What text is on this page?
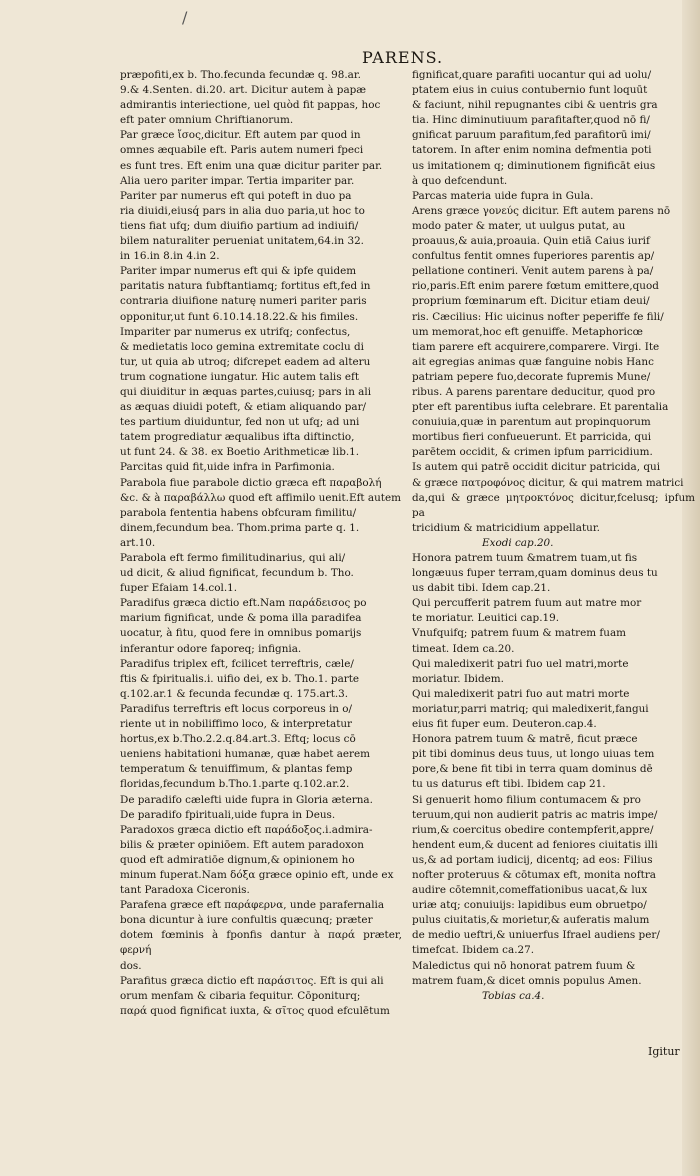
/
PARENS.
præpofiti,ex b. Tho.fecunda fecundæ q. 98.ar.
9.& 4.Senten. di.20. art. Dicitur autem à papæ
admirantis interiectione, uel quòd fit pappas, hoc
eft pater omnium Chriftianorum.
Par græce ἴσος,dicitur. Eft autem par quod in
omnes æquabile eft. Paris autem numeri fpeci
es funt tres. Eft enim una quæ dicitur pariter par.
Alia uero pariter impar. Tertia impariter par.
Pariter par numerus eft qui poteft in duo pa
ria diuidi,eiusq́ pars in alia duo paria,ut hoc to
tiens fiat ufq; dum diuifio partium ad indiuifi/
bilem naturaliter perueniat unitatem,64.in 32.
in 16.in 8.in 4.in 2.
Pariter impar numerus eft qui & ipfe quidem
paritatis natura fubftantiamq; fortitus eft,fed in
contraria diuifione naturę numeri pariter paris
opponitur,ut funt 6.10.14.18.22.& his fimiles.
Impariter par numerus ex utrifq; confectus,
& medietatis loco gemina extremitate coclu di
tur, ut quia ab utroq; difcrepet eadem ad alteru
trum cognatione iungatur. Hic autem talis eft
qui diuiditur in æquas partes,cuiusq; pars in ali
as æquas diuidi poteft, & etiam aliquando par/
tes partium diuiduntur, fed non ut ufq; ad uni
tatem progrediatur æqualibus ifta diftinctio,
ut funt 24. & 38. ex Boetio Arithmeticæ lib.1.
Parcitas quid fit,uide infra in Parfimonia.
Parabola fiue parabole dictio græca eft παραβολή
&c. & à παραβάλλω quod eft affimilo uenit.Eft autem
parabola fententia habens obfcuram fimilitu/
dinem,fecundum bea. Thom.prima parte q. 1.
art.10.
Parabola eft fermo fimilitudinarius, qui ali/
ud dicit, & aliud fignificat, fecundum b. Tho.
fuper Efaiam 14.col.1.
Paradifus græca dictio eft.Nam παράδεισος po
marium fignificat, unde & poma illa paradifea
uocatur, à fitu, quod fere in omnibus pomarijs
inferantur odore faporeq; infignia.
Paradifus triplex eft, fcilicet terreftris, cæle/
ftis & fpiritualis.i. uifio dei, ex b. Tho.1. parte
q.102.ar.1 & fecunda fecundæ q. 175.art.3.
Paradifus terreftris eft locus corporeus in o/
riente ut in nobiliffimo loco, & interpretatur
hortus,ex b.Tho.2.2.q.84.art.3. Eftq; locus cō
ueniens habitationi humanæ, quæ habet aerem
temperatum & tenuiffimum, & plantas femp
floridas,fecundum b.Tho.1.parte q.102.ar.2.
De paradifo cælefti uide fupra in Gloria æterna.
De paradifo fpirituali,uide fupra in Deus.
Paradoxos græca dictio eft παράδοξος.i.admira-
bilis & præter opiniōem. Eft autem paradoxon
quod eft admiratiōe dignum,& opinionem ho
minum fuperat.Nam δόξα græce opinio eft, unde ex
tant Paradoxa Ciceronis.
Parafena græce eft παράφερνα, unde parafernalia
bona dicuntur à iure confultis quæcunq; præter
dotem fœminis à fponfis dantur à παρά præter, φερνή
dos.
Parafitus græca dictio eft παράσιτος. Eft is qui ali
orum menfam & cibaria fequitur. Cōponiturq;
παρά quod fignificat iuxta, & σῖτος quod efculētum
fignificat,quare parafiti uocantur qui ad uolu/
ptatem eius in cuius contubernio funt loquūt
& faciunt, nihil repugnantes cibi & uentris gra
tia. Hinc diminutiuum parafitafter,quod nō fi/
gnificat paruum parafitum,fed parafitorū imi/
tatorem. In after enim nomina defmentia poti
us imitationem q; diminutionem fignificāt eius
à quo defcendunt.
Parcas materia uide fupra in Gula.
Arens græce γονεύς dicitur. Eft autem parens nō
modo pater & mater, ut uulgus putat, au
proauus,& auia,proauia. Quin etiā Caius iurif
confultus fentit omnes fuperiores parentis ap/
pellatione contineri. Venit autem parens à pa/
rio,paris.Eft enim parere fœtum emittere,quod
proprium fœminarum eft. Dicitur etiam deui/
ris. Cæcilius: Hic uicinus nofter peperiffe fe fili/
um memorat,hoc eft genuiffe. Metaphoricœ
tiam parere eft acquirere,comparere. Virgi. Ite
ait egregias animas quæ fanguine nobis Hanc
patriam pepere fuo,decorate fupremis Mune/
ribus. A parens parentare deducitur, quod pro
pter eft parentibus iufta celebrare. Et parentalia
conuiuia,quæ in parentum aut propinquorum
mortibus fieri confueuerunt. Et parricida, qui
parētem occidit, & crimen ipfum parricidium.
Is autem qui patrē occidit dicitur patricida, qui
& græce πατροφόνος dicitur, & qui matrem matrici
da,qui & græce μητροκτόνος dicitur,fcelusq; ipfum pa
tricidium & matricidium appellatur.
Exodi cap.20.
Honora patrem tuum &matrem tuam,ut fis
longæuus fuper terram,quam dominus deus tu
us dabit tibi. Idem cap.21.
Qui percufferit patrem fuum aut matre mor
te moriatur. Leuitici cap.19.
Vnufquifq; patrem fuum & matrem fuam
timeat. Idem ca.20.
Qui maledixerit patri fuo uel matri,morte
moriatur. Ibidem.
Qui maledixerit patri fuo aut matri morte
moriatur,parri matriq; qui maledixerit,fangui
eius fit fuper eum. Deuteron.cap.4.
Honora patrem tuum & matrē, ficut præce
pit tibi dominus deus tuus, ut longo uiuas tem
pore,& bene fit tibi in terra quam dominus dē
tu us daturus eft tibi. Ibidem cap 21.
Si genuerit homo filium contumacem & pro
teruum,qui non audierit patris ac matris impe/
rium,& coercitus obedire contempferit,appre/
hendent eum,& ducent ad feniores ciuitatis illi
us,& ad portam iudicij, dicentq; ad eos: Filius
nofter proteruus & cōtumax eft, monita noftra
audire cōtemnit,comeffationibus uacat,& lux
uriæ atq; conuiuijs: lapidibus eum obruetpo/
pulus ciuitatis,& morietur,& auferatis malum
de medio ueftri,& uniuerfus Ifrael audiens per/
timefcat. Ibidem ca.27.
Maledictus qui nō honorat patrem fuum &
matrem fuam,& dicet omnis populus Amen.
Tobias ca.4.
Igitur
